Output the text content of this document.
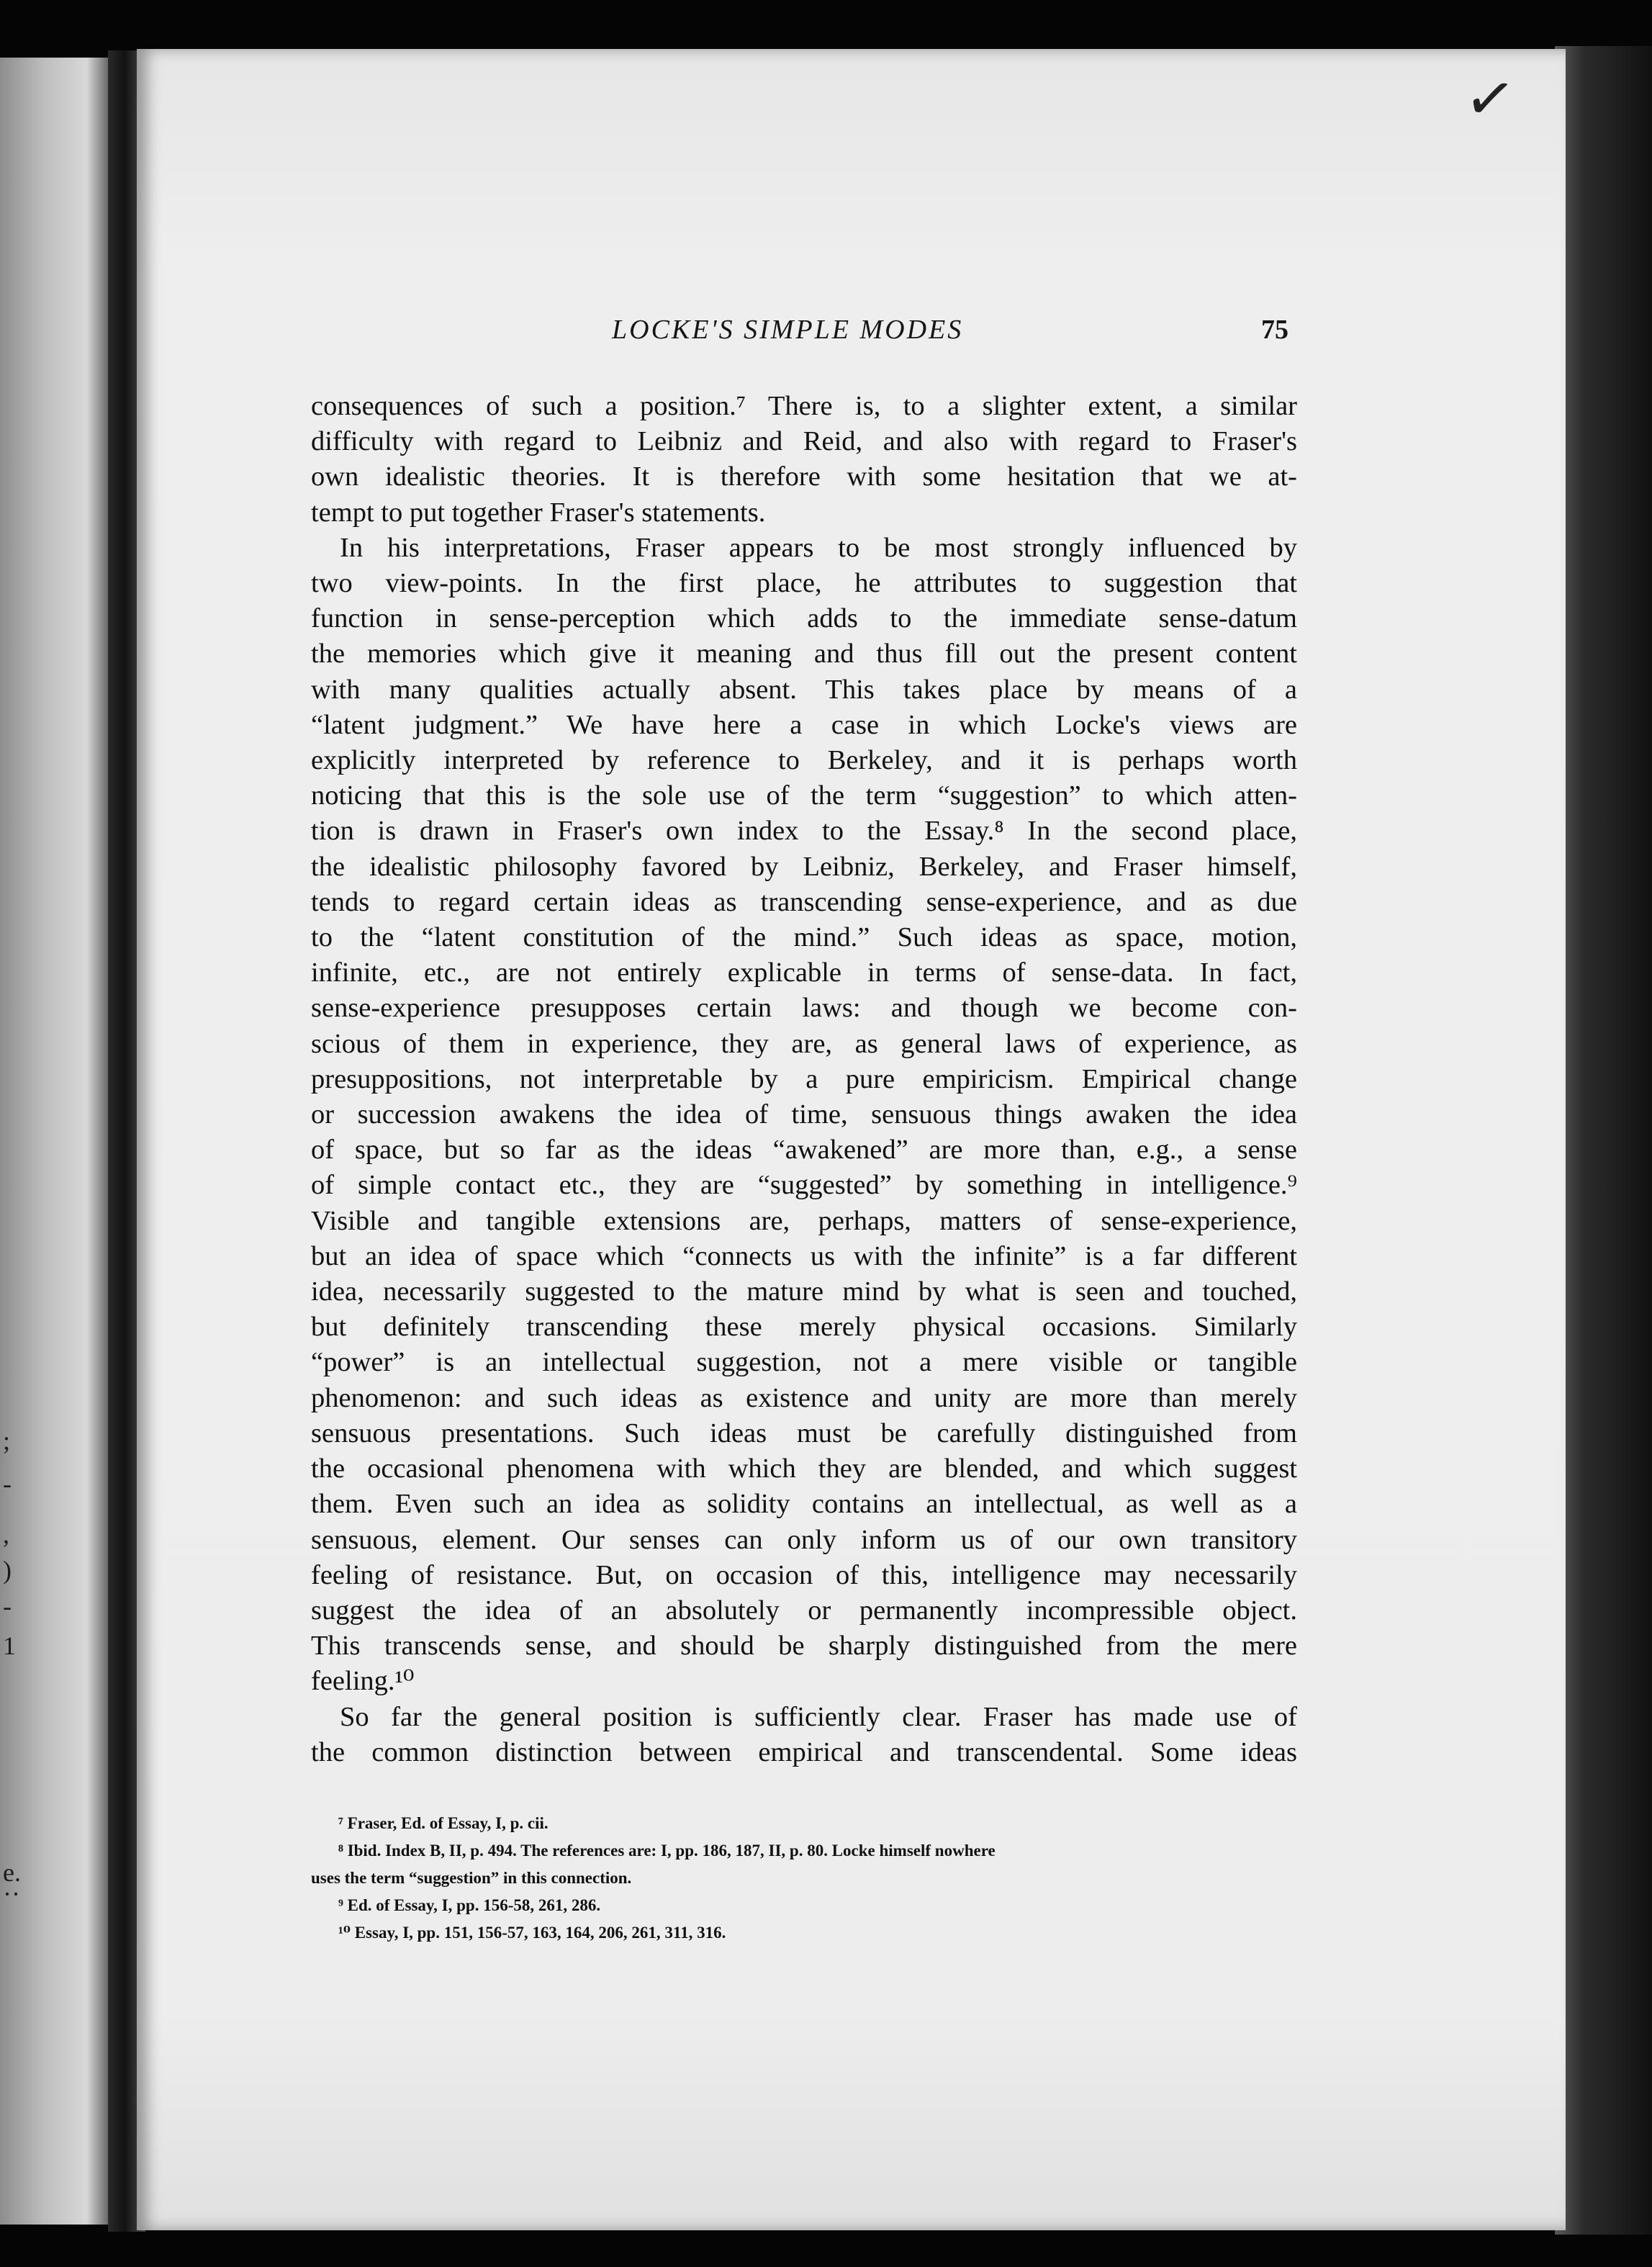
;
-
,
)
-
1
e.
··
✓
LOCKE'S SIMPLE MODES	75
consequences of such a position.⁷ There is, to a slighter extent, a similar
difficulty with regard to Leibniz and Reid, and also with regard to Fraser's
own idealistic theories. It is therefore with some hesitation that we at-
tempt to put together Fraser's statements.
In his interpretations, Fraser appears to be most strongly influenced by
two view-points. In the first place, he attributes to suggestion that
function in sense-perception which adds to the immediate sense-datum
the memories which give it meaning and thus fill out the present content
with many qualities actually absent. This takes place by means of a
“latent judgment.” We have here a case in which Locke's views are
explicitly interpreted by reference to Berkeley, and it is perhaps worth
noticing that this is the sole use of the term “suggestion” to which atten-
tion is drawn in Fraser's own index to the Essay.⁸ In the second place,
the idealistic philosophy favored by Leibniz, Berkeley, and Fraser himself,
tends to regard certain ideas as transcending sense-experience, and as due
to the “latent constitution of the mind.” Such ideas as space, motion,
infinite, etc., are not entirely explicable in terms of sense-data. In fact,
sense-experience presupposes certain laws: and though we become con-
scious of them in experience, they are, as general laws of experience, as
presuppositions, not interpretable by a pure empiricism. Empirical change
or succession awakens the idea of time, sensuous things awaken the idea
of space, but so far as the ideas “awakened” are more than, e.g., a sense
of simple contact etc., they are “suggested” by something in intelligence.⁹
Visible and tangible extensions are, perhaps, matters of sense-experience,
but an idea of space which “connects us with the infinite” is a far different
idea, necessarily suggested to the mature mind by what is seen and touched,
but definitely transcending these merely physical occasions. Similarly
“power” is an intellectual suggestion, not a mere visible or tangible
phenomenon: and such ideas as existence and unity are more than merely
sensuous presentations. Such ideas must be carefully distinguished from
the occasional phenomena with which they are blended, and which suggest
them. Even such an idea as solidity contains an intellectual, as well as a
sensuous, element. Our senses can only inform us of our own transitory
feeling of resistance. But, on occasion of this, intelligence may necessarily
suggest the idea of an absolutely or permanently incompressible object.
This transcends sense, and should be sharply distinguished from the mere
feeling.¹⁰
So far the general position is sufficiently clear. Fraser has made use of
the common distinction between empirical and transcendental. Some ideas
⁷ Fraser, Ed. of Essay, I, p. cii.
⁸ Ibid. Index B, II, p. 494. The references are: I, pp. 186, 187, II, p. 80. Locke himself nowhere
uses the term “suggestion” in this connection.
⁹ Ed. of Essay, I, pp. 156-58, 261, 286.
¹⁰ Essay, I, pp. 151, 156-57, 163, 164, 206, 261, 311, 316.
